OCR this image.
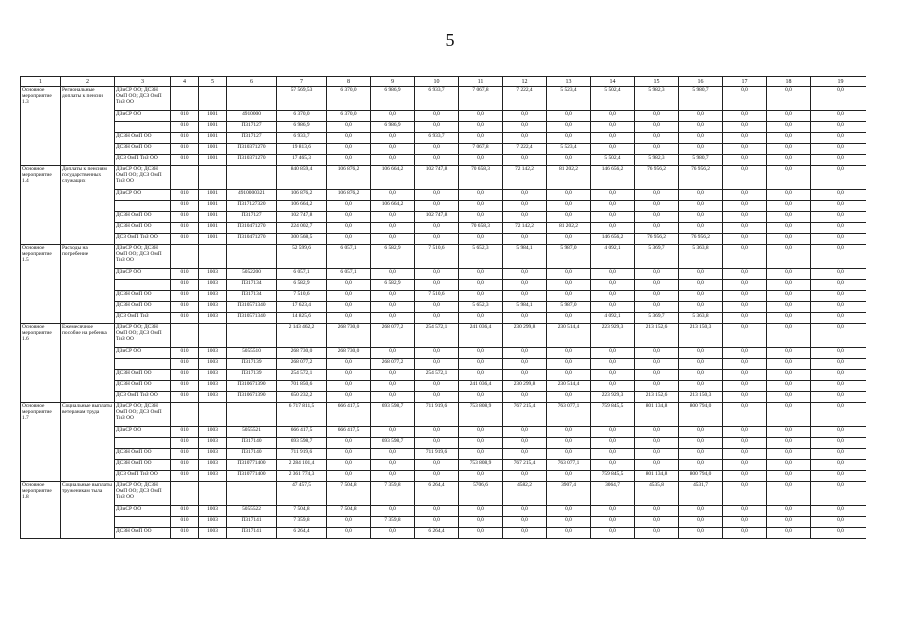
5
1	2	3	4	5	6	7	8	9	10	11	12	13	14	15	16	17	18	19
Основное мероприятие 1.3	Региональные доплаты к пенсии	ДЗиСР ОО; ДСЗН ОмП ОО; ДСЗ ОмП ТиЗ ОО				57 569,53	6 370,0	6 986,9	6 933,7	7 067,8	7 222,4	5 523,4	5 502,4	5 982,3	5 980,7	0,0	0,0	0,0
		ДЗиСР ОО	010	1001	4910000	6 370,0	6 370,0	0,0	0,0	0,0	0,0	0,0	0,0	0,0	0,0	0,0	0,0	0,0
			010	1001	П317127	6 986,9	0,0	6 986,9	0,0	0,0	0,0	0,0	0,0	0,0	0,0	0,0	0,0	0,0
		ДСЗН ОмП ОО	010	1001	П317127	6 933,7	0,0	0,0	6 933,7	0,0	0,0	0,0	0,0	0,0	0,0	0,0	0,0	0,0
		ДСЗН ОмП ОО	010	1001	П310371270	19 813,6	0,0	0,0	0,0	7 067,8	7 222,4	5 523,4	0,0	0,0	0,0	0,0	0,0	0,0
		ДСЗ ОмП ТиЗ ОО	010	1001	П310371270	17 465,3	0,0	0,0	0,0	0,0	0,0	0,0	5 502,4	5 982,3	5 980,7	0,0	0,0	0,0
Основное мероприятие 1.4	Доплаты к пенсиям государственных служащих	ДЗиСР ОО; ДСЗН ОмП ОО; ДСЗ ОмП ТиЗ ОО				840 859,4	106 876,2	106 664,2	102 747,8	70 658,3	72 142,2	81 202,2	146 656,2	76 956,2	76 956,2	0,0	0,0	0,0
		ДЗиСР ОО	010	1001	4910000321	106 876,2	106 876,2	0,0	0,0	0,0	0,0	0,0	0,0	0,0	0,0	0,0	0,0	0,0
			010	1001	П317127320	106 664,2	0,0	106 664,2	0,0	0,0	0,0	0,0	0,0	0,0	0,0	0,0	0,0	0,0
		ДСЗН ОмП ОО	010	1001	П317127	102 747,8	0,0	0,0	102 747,8	0,0	0,0	0,0	0,0	0,0	0,0	0,0	0,0	0,0
		ДСЗН ОмП ОО	010	1001	П310471270	224 002,7	0,0	0,0	0,0	70 658,3	72 142,2	81 202,2	0,0	0,0	0,0	0,0	0,0	0,0
		ДСЗ ОмП ТиЗ ОО	010	1001	П310471270	300 568,5	0,0	0,0	0,0	0,0	0,0	0,0	146 656,2	76 956,2	76 956,2	0,0	0,0	0,0
Основное мероприятие 1.5	Расходы на погребение	ДЗиСР ОО; ДСЗН ОмП ОО; ДСЗ ОмП ТиЗ ОО				52 599,6	6 057,1	6 582,9	7 510,6	5 652,3	5 984,1	5 987,0	4 092,1	5 369,7	5 363,8	0,0	0,0	0,0
		ДЗиСР ОО	010	1003	5052200	6 057,1	6 057,1	0,0	0,0	0,0	0,0	0,0	0,0	0,0	0,0	0,0	0,0	0,0
			010	1003	П317134	6 582,9	0,0	6 582,9	0,0	0,0	0,0	0,0	0,0	0,0	0,0	0,0	0,0	0,0
		ДСЗН ОмП ОО	010	1003	П317134	7 510,6	0,0	0,0	7 510,6	0,0	0,0	0,0	0,0	0,0	0,0	0,0	0,0	0,0
		ДСЗН ОмП ОО	010	1003	П310571340	17 623,4	0,0	0,0	0,0	5 652,3	5 984,1	5 987,0	0,0	0,0	0,0	0,0	0,0	0,0
		ДСЗ ОмП ТиЗ	010	1003	П310571340	14 825,6	0,0	0,0	0,0	0,0	0,0	0,0	4 092,1	5 369,7	5 363,8	0,0	0,0	0,0
Основное мероприятие 1.6	Ежемесячное пособие на ребенка	ДЗиСР ОО; ДСЗН ОмП ОО; ДСЗ ОмП ТиЗ ОО				2 143 462,2	268 730,0	268 077,2	254 572,1	241 036,4	230 299,8	230 514,4	223 929,3	213 152,6	213 150,3	0,0	0,0	0,0
		ДЗиСР ОО	010	1003	5055510	268 730,0	268 730,0	0,0	0,0	0,0	0,0	0,0	0,0	0,0	0,0	0,0	0,0	0,0
			010	1003	П317139	268 077,2	0,0	268 077,2	0,0	0,0	0,0	0,0	0,0	0,0	0,0	0,0	0,0	0,0
		ДСЗН ОмП ОО	010	1003	П317139	254 572,1	0,0	0,0	254 572,1	0,0	0,0	0,0	0,0	0,0	0,0	0,0	0,0	0,0
		ДСЗН ОмП ОО	010	1003	П310671390	701 850,6	0,0	0,0	0,0	241 036,4	230 299,8	230 514,4	0,0	0,0	0,0	0,0	0,0	0,0
		ДСЗ ОмП ТиЗ ОО	010	1003	П310671390	650 232,2	0,0	0,0	0,0	0,0	0,0	0,0	223 929,3	213 152,6	213 150,3	0,0	0,0	0,0
Основное мероприятие 1.7	Социальные выплаты ветеранам труда	ДЗиСР ОО; ДСЗН ОмП ОО; ДСЗ ОмП ТиЗ ОО				6 717 811,5	666 417,5	693 598,7	711 919,6	753 808,9	767 215,4	763 077,1	759 845,5	801 134,8	800 794,0	0,0	0,0	0,0
		ДЗиСР ОО	010	1003	5055521	666 417,5	666 417,5	0,0	0,0	0,0	0,0	0,0	0,0	0,0	0,0	0,0	0,0	0,0
			010	1003	П317140	693 598,7	0,0	693 598,7	0,0	0,0	0,0	0,0	0,0	0,0	0,0	0,0	0,0	0,0
		ДСЗН ОмП ОО	010	1003	П317140	711 919,6	0,0	0,0	711 919,6	0,0	0,0	0,0	0,0	0,0	0,0	0,0	0,0	0,0
		ДСЗН ОмП ОО	010	1003	П310771400	2 284 101,4	0,0	0,0	0,0	753 808,9	767 215,4	763 077,1	0,0	0,0	0,0	0,0	0,0	0,0
		ДСЗ ОмП ТиЗ ОО	010	1003	П310771400	2 361 774,3	0,0	0,0	0,0	0,0	0,0	0,0	759 845,5	801 134,8	800 794,0	0,0	0,0	0,0
Основное мероприятие 1.8	Социальные выплаты труженикам тыла	ДЗиСР ОО; ДСЗН ОмП ОО; ДСЗ ОмП ТиЗ ОО				47 457,5	7 504,8	7 359,8	6 264,4	5706,6	4582,2	3907,4	3064,7	4535,8	4531,7	0,0	0,0	0,0
		ДЗиСР ОО	010	1003	5055522	7 504,8	7 504,8	0,0	0,0	0,0	0,0	0,0	0,0	0,0	0,0	0,0	0,0	0,0
			010	1003	П317141	7 359,8	0,0	7 359,8	0,0	0,0	0,0	0,0	0,0	0,0	0,0	0,0	0,0	0,0
		ДСЗН ОмП ОО	010	1003	П317141	6 264,4	0,0	0,0	6 264,4	0,0	0,0	0,0	0,0	0,0	0,0	0,0	0,0	0,0
